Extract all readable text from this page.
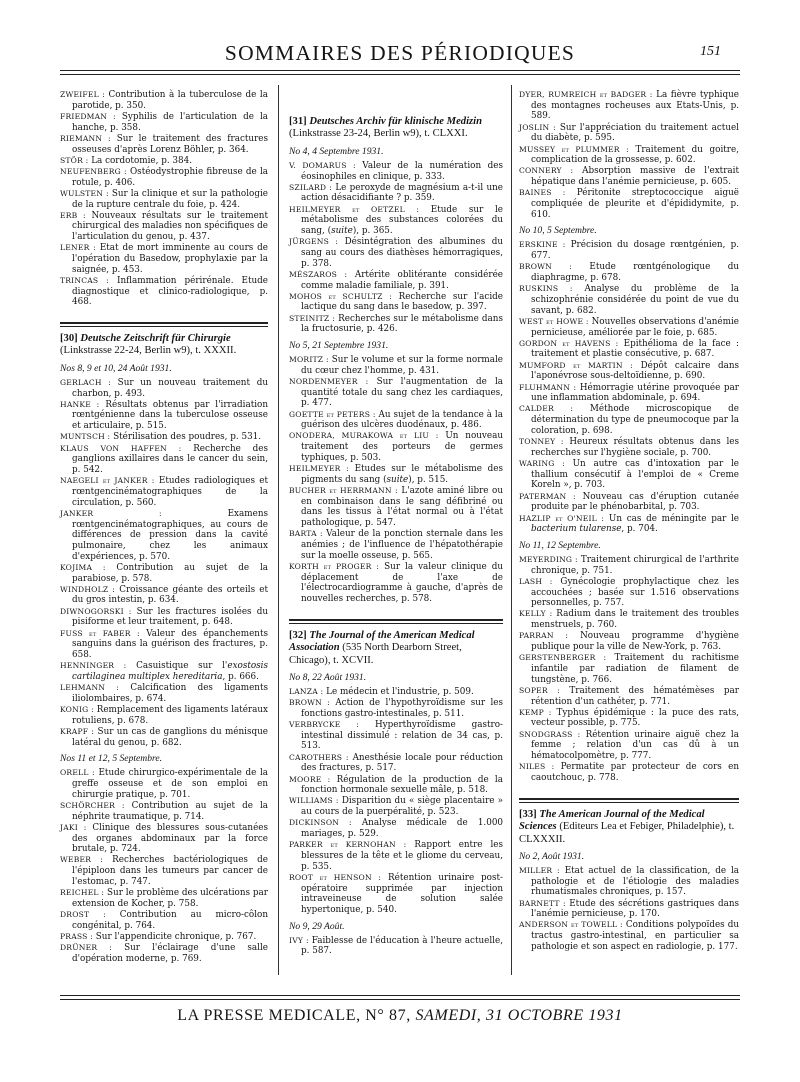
SOMMAIRES DES PÉRIODIQUES	151
ZWEIFEL : Contribution à la tuberculose de la parotide, p. 350.
FRIEDMAN : Syphilis de l'articulation de la hanche, p. 358.
RIEMANN : Sur le traitement des fractures osseuses d'après Lorenz Böhler, p. 364.
STÖR : La cordotomie, p. 384.
NEUFENBERG : Ostéodystrophie fibreuse de la rotule, p. 406.
WULSTEN : Sur la clinique et sur la pathologie de la rupture centrale du foie, p. 424.
ERB : Nouveaux résultats sur le traitement chirurgical des maladies non spécifiques de l'articulation du genou, p. 437.
LENER : Etat de mort imminente au cours de l'opération du Basedow, prophylaxie par la saignée, p. 453.
TRINCAS : Inflammation périrénale. Etude diagnostique et clinico-radiologique, p. 468.
[30] Deutsche Zeitschrift für Chirurgie (Linkstrasse 22-24, Berlin w9), t. XXXII.
Nos 8, 9 et 10, 24 Août 1931.
GERLACH : Sur un nouveau traitement du charbon, p. 493.
HANKE : Résultats obtenus par l'irradiation rœntgénienne dans la tuberculose osseuse et articulaire, p. 515.
MUNTSCH : Stérilisation des poudres, p. 531.
KLAUS VON HAFFEN : Recherche des ganglions axillaires dans le cancer du sein, p. 542.
NAEGELI et JANKER : Etudes radiologiques et rœntgencinématographiques de la circulation, p. 560.
JANKER :	Examens rœntgencinématographiques, au cours de différences de pression dans la cavité pulmonaire, chez les animaux d'expériences, p. 570.
KOJIMA : Contribution au sujet de la parabiose, p. 578.
WINDHOLZ : Croissance géante des orteils et du gros intestin, p. 634.
DIWNOGORSKI : Sur les fractures isolées du pisiforme et leur traitement, p. 648.
FUSS et FABER : Valeur des épanchements sanguins dans la guérison des fractures, p. 658.
HENNINGER : Casuistique sur l'exostosis cartilaginea multiplex hereditaria, p. 666.
LEHMANN : Calcification des ligaments iliolombaires, p. 674.
KONIG : Remplacement des ligaments latéraux rotuliens, p. 678.
KRAPF : Sur un cas de ganglions du ménisque latéral du genou, p. 682.
Nos 11 et 12, 5 Septembre.
ORELL : Etude chirurgico-expérimentale de la greffe osseuse et de son emploi en chirurgie pratique, p. 701.
SCHÖRCHER : Contribution au sujet de la néphrite traumatique, p. 714.
JAKI : Clinique des blessures sous-cutanées des organes abdominaux par la force brutale, p. 724.
WEBER : Recherches bactériologiques de l'épiploon dans les tumeurs par cancer de l'estomac, p. 747.
REICHEL : Sur le problème des ulcérations par extension de Kocher, p. 758.
DROST : Contribution au micro-côlon congénital, p. 764.
PRASS : Sur l'appendicite chronique, p. 767.
DRÜNER : Sur l'éclairage d'une salle d'opération moderne, p. 769.
[31] Deutsches Archiv für klinische Medizin (Linkstrasse 23-24, Berlin w9), t. CLXXI.
No 4, 4 Septembre 1931.
V. DOMARUS : Valeur de la numération des éosinophiles en clinique, p. 333.
SZILARD : Le peroxyde de magnésium a-t-il une action désacidifiante ? p. 359.
HEILMEYER et OETZEL : Etude sur le métabolisme des substances colorées du sang, (suite), p. 365.
JÜRGENS : Désintégration des albumines du sang au cours des diathèses hémorragiques, p. 378.
MÉSZAROS : Artérite oblitérante considérée comme maladie familiale, p. 391.
MOHOS et SCHULTZ : Recherche sur l'acide lactique du sang dans le basedow, p. 397.
STEINITZ : Recherches sur le métabolisme dans la fructosurie, p. 426.
No 5, 21 Septembre 1931.
MORITZ : Sur le volume et sur la forme normale du cœur chez l'homme, p. 431.
NORDENMEYER : Sur l'augmentation de la quantité totale du sang chez les cardiaques, p. 477.
GOETTE et PETERS : Au sujet de la tendance à la guérison des ulcères duodénaux, p. 486.
ONODERA, MURAKOWA et LIU : Un nouveau traitement des porteurs de germes typhiques, p. 503.
HEILMEYER : Etudes sur le métabolisme des pigments du sang (suite), p. 515.
BUCHER et HERRMANN : L'azote aminé libre ou en combinaison dans le sang défibriné ou dans les tissus à l'état normal ou à l'état pathologique, p. 547.
BARTA : Valeur de la ponction sternale dans les anémies ; de l'influence de l'hépatothérapie sur la moelle osseuse, p. 565.
KORTH et PROGER : Sur la valeur clinique du déplacement de l'axe de l'électrocardiogramme à gauche, d'après de nouvelles recherches, p. 578.
[32] The Journal of the American Medical Association (535 North Dearborn Street, Chicago), t. XCVII.
No 8, 22 Août 1931.
LANZA : Le médecin et l'industrie, p. 509.
BROWN : Action de l'hypothyroïdisme sur les fonctions gastro-intestinales, p. 511.
VERBRYCKE : Hyperthyroïdisme gastro-intestinal dissimulé : relation de 34 cas, p. 513.
CAROTHERS : Anesthésie locale pour réduction des fractures, p. 517.
MOORE : Régulation de la production de la fonction hormonale sexuelle mâle, p. 518.
WILLIAMS : Disparition du « siège placentaire » au cours de la puerpéralité, p. 523.
DICKINSON : Analyse médicale de 1.000 mariages, p. 529.
PARKER et KERNOHAN : Rapport entre les blessures de la tête et le gliome du cerveau, p. 535.
ROOT et HENSON : Rétention urinaire post-opératoire supprimée par injection intraveineuse de solution salée hypertonique, p. 540.
No 9, 29 Août.
IVY : Faiblesse de l'éducation à l'heure actuelle, p. 587.
DYER, RUMREICH et BADGER : La fièvre typhique des montagnes rocheuses aux Etats-Unis, p. 589.
JOSLIN : Sur l'appréciation du traitement actuel du diabète, p. 595.
MUSSEY et PLUMMER : Traitement du goitre, complication de la grossesse, p. 602.
CONNERY : Absorption massive de l'extrait hépatique dans l'anémie pernicieuse, p. 605.
BAINES : Péritonite streptococcique aiguë compliquée de pleurite et d'épididymite, p. 610.
No 10, 5 Septembre.
ERSKINE : Précision du dosage rœntgénien, p. 677.
BROWN : Etude rœntgénologique du diaphragme, p. 678.
RUSKINS : Analyse du problème de la schizophrénie considérée du point de vue du savant, p. 682.
WEST et HOWE : Nouvelles observations d'anémie pernicieuse, améliorée par le foie, p. 685.
GORDON et HAVENS : Epithélioma de la face : traitement et plastie consécutive, p. 687.
MUMFORD et MARTIN : Dépôt calcaire dans l'aponévrose sous-deltoïdienne, p. 690.
FLUHMANN : Hémorragie utérine provoquée par une inflammation abdominale, p. 694.
CALDER : Méthode microscopique de détermination du type de pneumocoque par la coloration, p. 698.
TONNEY : Heureux résultats obtenus dans les recherches sur l'hygiène sociale, p. 700.
WARING : Un autre cas d'intoxation par le thallium consécutif à l'emploi de « Creme Koreln », p. 703.
PATERMAN : Nouveau cas d'éruption cutanée produite par le phénobarbital, p. 703.
HAZLIP et O'NEIL : Un cas de méningite par le bacterium tularense, p. 704.
No 11, 12 Septembre.
MEYERDING : Traitement chirurgical de l'arthrite chronique, p. 751.
LASH : Gynécologie prophylactique chez les accouchées ; basée sur 1.516 observations personnelles, p. 757.
KELLY : Radium dans le traitement des troubles menstruels, p. 760.
PARRAN : Nouveau programme d'hygiène publique pour la ville de New-York, p. 763.
GERSTENBERGER : Traitement du rachitisme infantile par radiation de filament de tungstène, p. 766.
SOPER : Traitement des hématémèses par rétention d'un cathéter, p. 771.
KEMP : Typhus épidémique : la puce des rats, vecteur possible, p. 775.
SNODGRASS : Rétention urinaire aiguë chez la femme ; relation d'un cas dû à un hématocolpomètre, p. 777.
NILES : Permatite par protecteur de cors en caoutchouc, p. 778.
[33] The American Journal of the Medical Sciences (Editeurs Lea et Febiger, Philadelphie), t. CLXXXII.
No 2, Août 1931.
MILLER : Etat actuel de la classification, de la pathologie et de l'étiologie des maladies rhumatismales chroniques, p. 157.
BARNETT : Etude des sécrétions gastriques dans l'anémie pernicieuse, p. 170.
ANDERSON et TOWELL : Conditions polypoïdes du tractus gastro-intestinal, en particulier sa pathologie et son aspect en radiologie, p. 177.
LA PRESSE MEDICALE, N° 87, SAMEDI, 31 OCTOBRE 1931
